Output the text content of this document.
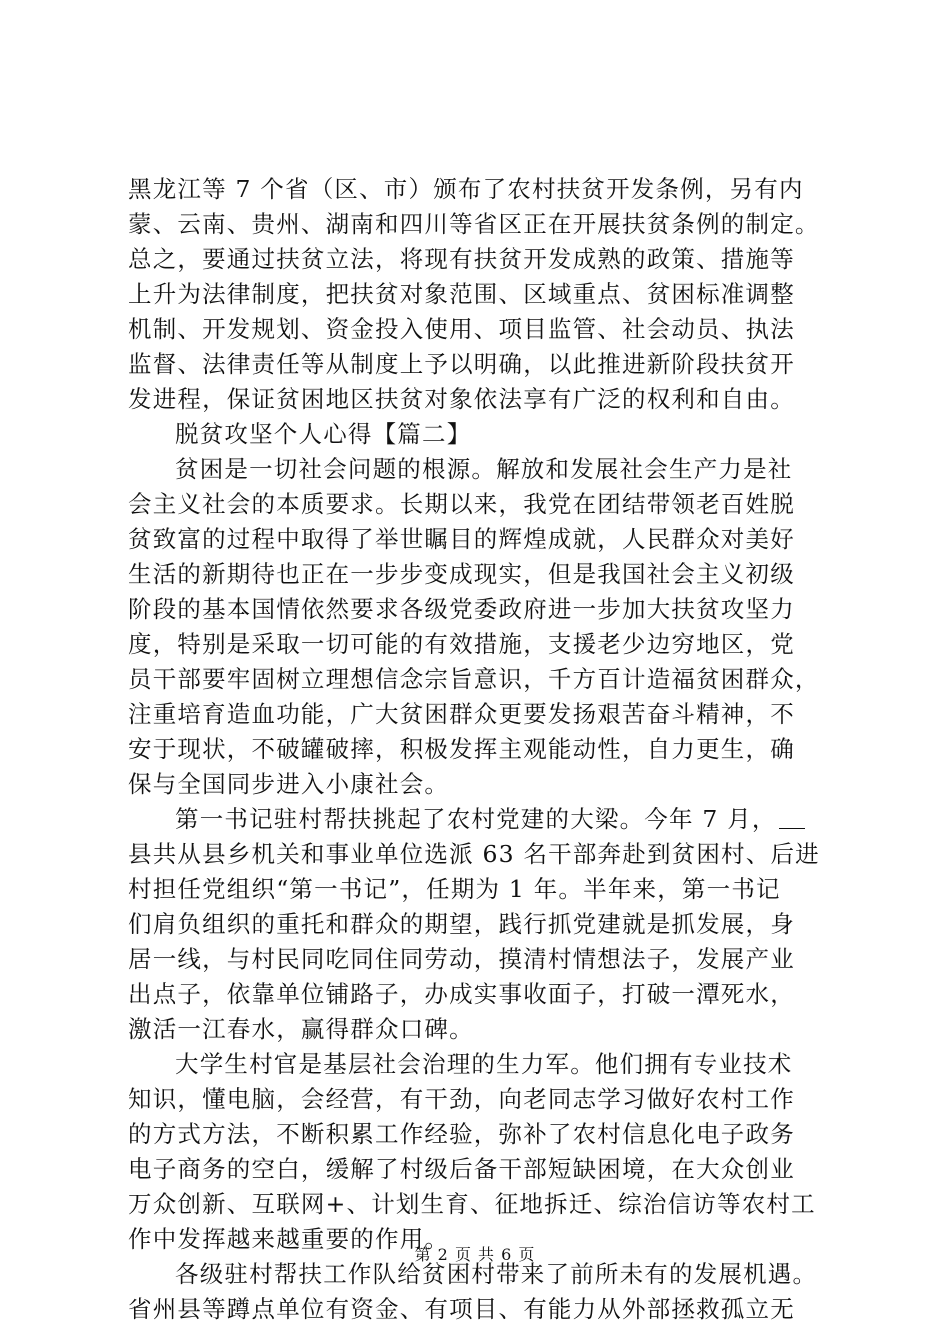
黑龙江等 7 个省（区、市）颁布了农村扶贫开发条例，另有内
蒙、云南、贵州、湖南和四川等省区正在开展扶贫条例的制定。
总之，要通过扶贫立法，将现有扶贫开发成熟的政策、措施等
上升为法律制度，把扶贫对象范围、区域重点、贫困标准调整
机制、开发规划、资金投入使用、项目监管、社会动员、执法
监督、法律责任等从制度上予以明确，以此推进新阶段扶贫开
发进程，保证贫困地区扶贫对象依法享有广泛的权利和自由。
脱贫攻坚个人心得【篇二】
贫困是一切社会问题的根源。解放和发展社会生产力是社
会主义社会的本质要求。长期以来，我党在团结带领老百姓脱
贫致富的过程中取得了举世瞩目的辉煌成就，人民群众对美好
生活的新期待也正在一步步变成现实，但是我国社会主义初级
阶段的基本国情依然要求各级党委政府进一步加大扶贫攻坚力
度，特别是采取一切可能的有效措施，支援老少边穷地区，党
员干部要牢固树立理想信念宗旨意识，千方百计造福贫困群众，
注重培育造血功能，广大贫困群众更要发扬艰苦奋斗精神，不
安于现状，不破罐破摔，积极发挥主观能动性，自力更生，确
保与全国同步进入小康社会。
第一书记驻村帮扶挑起了农村党建的大梁。今年 7 月，
县共从县乡机关和事业单位选派 63 名干部奔赴到贫困村、后进
村担任党组织“第一书记”，任期为 1 年。半年来，第一书记
们肩负组织的重托和群众的期望，践行抓党建就是抓发展，身
居一线，与村民同吃同住同劳动，摸清村情想法子，发展产业
出点子，依靠单位铺路子，办成实事收面子，打破一潭死水，
激活一江春水，赢得群众口碑。
大学生村官是基层社会治理的生力军。他们拥有专业技术
知识，懂电脑，会经营，有干劲，向老同志学习做好农村工作
的方式方法，不断积累工作经验，弥补了农村信息化电子政务
电子商务的空白，缓解了村级后备干部短缺困境，在大众创业
万众创新、互联网+、计划生育、征地拆迁、综治信访等农村工
作中发挥越来越重要的作用。
各级驻村帮扶工作队给贫困村带来了前所未有的发展机遇。
省州县等蹲点单位有资金、有项目、有能力从外部拯救孤立无
第 2 页 共 6 页
